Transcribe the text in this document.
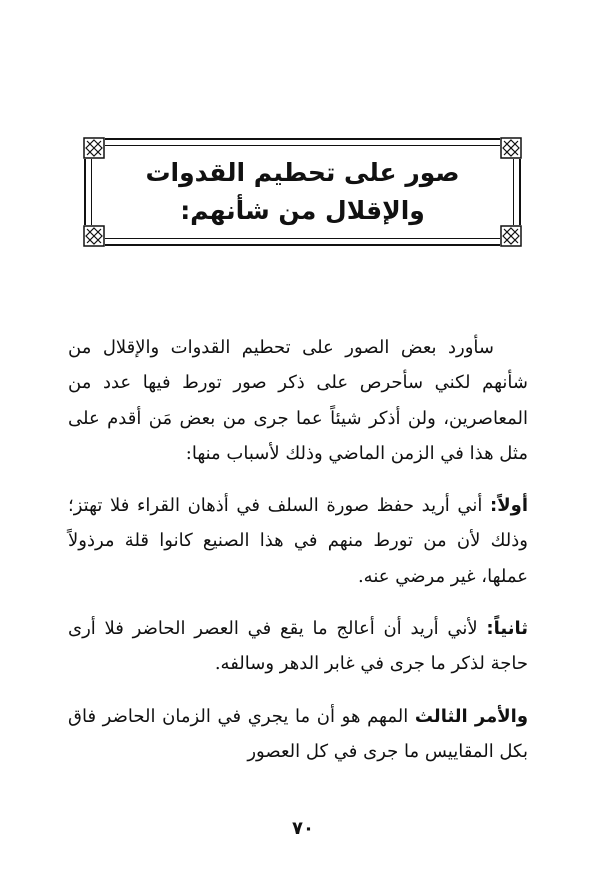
صور على تحطيم القدوات
والإقلال من شأنهم:

سأورد بعض الصور على تحطيم القدوات والإقلال من شأنهم لكني سأحرص على ذكر صور تورط فيها عدد من المعاصرين، ولن أذكر شيئاً عما جرى من بعض مَن أقدم على مثل هذا في الزمن الماضي وذلك لأسباب منها:

أولاً: أني أريد حفظ صورة السلف في أذهان القراء فلا تهتز؛ وذلك لأن من تورط منهم في هذا الصنيع كانوا قلة مرذولاً عملها، غير مرضي عنه.

ثانياً: لأني أريد أن أعالج ما يقع في العصر الحاضر فلا أرى حاجة لذكر ما جرى في غابر الدهر وسالفه.

والأمر الثالث المهم هو أن ما يجري في الزمان الحاضر فاق بكل المقاييس ما جرى في كل العصور

٧٠
